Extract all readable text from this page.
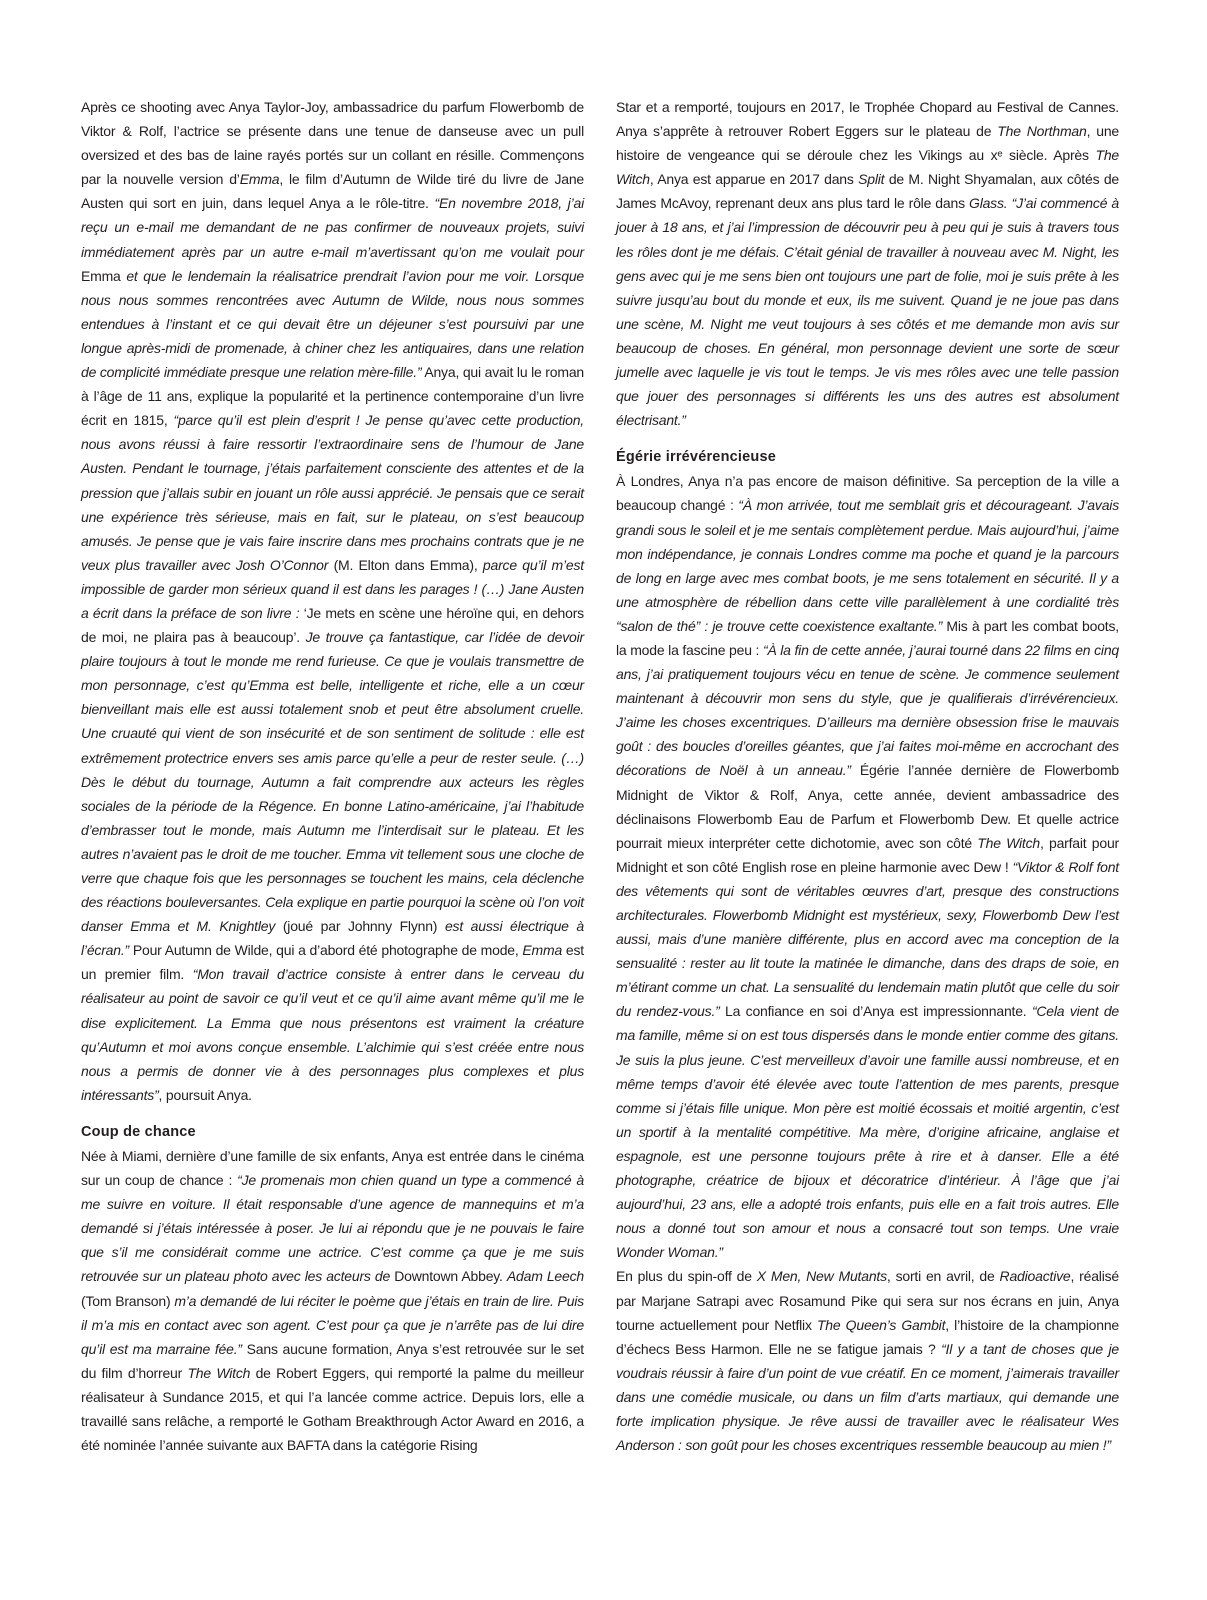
Après ce shooting avec Anya Taylor-Joy, ambassadrice du parfum Flowerbomb de Viktor & Rolf, l’actrice se présente dans une tenue de danseuse avec un pull oversized et des bas de laine rayés portés sur un collant en résille. Commençons par la nouvelle version d’Emma, le film d’Autumn de Wilde tiré du livre de Jane Austen qui sort en juin, dans lequel Anya a le rôle-titre. “En novembre 2018, j’ai reçu un e-mail me demandant de ne pas confirmer de nouveaux projets, suivi immédiatement après par un autre e-mail m’avertissant qu’on me voulait pour Emma et que le lendemain la réalisatrice prendrait l’avion pour me voir. Lorsque nous nous sommes rencontrées avec Autumn de Wilde, nous nous sommes entendues à l’instant et ce qui devait être un déjeuner s’est poursuivi par une longue après-midi de promenade, à chiner chez les antiquaires, dans une relation de complicité immédiate presque une relation mère-fille.” Anya, qui avait lu le roman à l’âge de 11 ans, explique la popularité et la pertinence contemporaine d’un livre écrit en 1815, “parce qu’il est plein d’esprit ! Je pense qu’avec cette production, nous avons réussi à faire ressortir l’extraordinaire sens de l’humour de Jane Austen. Pendant le tournage, j’étais parfaitement consciente des attentes et de la pression que j’allais subir en jouant un rôle aussi apprécié. Je pensais que ce serait une expérience très sérieuse, mais en fait, sur le plateau, on s’est beaucoup amusés. Je pense que je vais faire inscrire dans mes prochains contrats que je ne veux plus travailler avec Josh O’Connor (M. Elton dans Emma), parce qu’il m’est impossible de garder mon sérieux quand il est dans les parages ! (…) Jane Austen a écrit dans la préface de son livre : ‘Je mets en scène une héroïne qui, en dehors de moi, ne plaira pas à beaucoup’. Je trouve ça fantastique, car l’idée de devoir plaire toujours à tout le monde me rend furieuse. Ce que je voulais transmettre de mon personnage, c’est qu’Emma est belle, intelligente et riche, elle a un cœur bienveillant mais elle est aussi totalement snob et peut être absolument cruelle. Une cruauté qui vient de son insécurité et de son sentiment de solitude : elle est extrêmement protectrice envers ses amis parce qu’elle a peur de rester seule. (…) Dès le début du tournage, Autumn a fait comprendre aux acteurs les règles sociales de la période de la Régence. En bonne Latino-américaine, j’ai l’habitude d’embrasser tout le monde, mais Autumn me l’interdisait sur le plateau. Et les autres n’avaient pas le droit de me toucher. Emma vit tellement sous une cloche de verre que chaque fois que les personnages se touchent les mains, cela déclenche des réactions bouleversantes. Cela explique en partie pourquoi la scène où l’on voit danser Emma et M. Knightley (joué par Johnny Flynn) est aussi électrique à l’écran.” Pour Autumn de Wilde, qui a d’abord été photographe de mode, Emma est un premier film. “Mon travail d’actrice consiste à entrer dans le cerveau du réalisateur au point de savoir ce qu’il veut et ce qu’il aime avant même qu’il me le dise explicitement. La Emma que nous présentons est vraiment la créature qu’Autumn et moi avons conçue ensemble. L’alchimie qui s’est créée entre nous nous a permis de donner vie à des personnages plus complexes et plus intéressants”, poursuit Anya.

Coup de chance

Née à Miami, dernière d’une famille de six enfants, Anya est entrée dans le cinéma sur un coup de chance : “Je promenais mon chien quand un type a commencé à me suivre en voiture. Il était responsable d’une agence de mannequins et m’a demandé si j’étais intéressée à poser. Je lui ai répondu que je ne pouvais le faire que s’il me considérait comme une actrice. C’est comme ça que je me suis retrouvée sur un plateau photo avec les acteurs de Downtown Abbey. Adam Leech (Tom Branson) m’a demandé de lui réciter le poème que j’étais en train de lire. Puis il m’a mis en contact avec son agent. C’est pour ça que je n’arrête pas de lui dire qu’il est ma marraine fée.” Sans aucune formation, Anya s’est retrouvée sur le set du film d’horreur The Witch de Robert Eggers, qui remporté la palme du meilleur réalisateur à Sundance 2015, et qui l’a lancée comme actrice. Depuis lors, elle a travaillé sans relâche, a remporté le Gotham Breakthrough Actor Award en 2016, a été nominée l’année suivante aux BAFTA dans la catégorie Rising

Star et a remporté, toujours en 2017, le Trophée Chopard au Festival de Cannes. Anya s’apprête à retrouver Robert Eggers sur le plateau de The Northman, une histoire de vengeance qui se déroule chez les Vikings au xᵉ siècle. Après The Witch, Anya est apparue en 2017 dans Split de M. Night Shyamalan, aux côtés de James McAvoy, reprenant deux ans plus tard le rôle dans Glass. “J’ai commencé à jouer à 18 ans, et j’ai l’impression de découvrir peu à peu qui je suis à travers tous les rôles dont je me défais. C’était génial de travailler à nouveau avec M. Night, les gens avec qui je me sens bien ont toujours une part de folie, moi je suis prête à les suivre jusqu’au bout du monde et eux, ils me suivent. Quand je ne joue pas dans une scène, M. Night me veut toujours à ses côtés et me demande mon avis sur beaucoup de choses. En général, mon personnage devient une sorte de sœur jumelle avec laquelle je vis tout le temps. Je vis mes rôles avec une telle passion que jouer des personnages si différents les uns des autres est absolument électrisant.”

Égérie irrévérencieuse

À Londres, Anya n’a pas encore de maison définitive. Sa perception de la ville a beaucoup changé : “À mon arrivée, tout me semblait gris et décourageant. J’avais grandi sous le soleil et je me sentais complètement perdue. Mais aujourd’hui, j’aime mon indépendance, je connais Londres comme ma poche et quand je la parcours de long en large avec mes combat boots, je me sens totalement en sécurité. Il y a une atmosphère de rébellion dans cette ville parallèlement à une cordialité très “salon de thé” : je trouve cette coexistence exaltante.” Mis à part les combat boots, la mode la fascine peu : “À la fin de cette année, j’aurai tourné dans 22 films en cinq ans, j’ai pratiquement toujours vécu en tenue de scène. Je commence seulement maintenant à découvrir mon sens du style, que je qualifierais d’irrévérencieux. J’aime les choses excentriques. D’ailleurs ma dernière obsession frise le mauvais goût : des boucles d’oreilles géantes, que j’ai faites moi-même en accrochant des décorations de Noël à un anneau.” Égérie l’année dernière de Flowerbomb Midnight de Viktor & Rolf, Anya, cette année, devient ambassadrice des déclinaisons Flowerbomb Eau de Parfum et Flowerbomb Dew. Et quelle actrice pourrait mieux interpréter cette dichotomie, avec son côté The Witch, parfait pour Midnight et son côté English rose en pleine harmonie avec Dew ! “Viktor & Rolf font des vêtements qui sont de véritables œuvres d’art, presque des constructions architecturales. Flowerbomb Midnight est mystérieux, sexy, Flowerbomb Dew l’est aussi, mais d’une manière différente, plus en accord avec ma conception de la sensualité : rester au lit toute la matinée le dimanche, dans des draps de soie, en m’étirant comme un chat. La sensualité du lendemain matin plutôt que celle du soir du rendez-vous.” La confiance en soi d’Anya est impressionnante. “Cela vient de ma famille, même si on est tous dispersés dans le monde entier comme des gitans. Je suis la plus jeune. C’est merveilleux d’avoir une famille aussi nombreuse, et en même temps d’avoir été élevée avec toute l’attention de mes parents, presque comme si j’étais fille unique. Mon père est moitié écossais et moitié argentin, c’est un sportif à la mentalité compétitive. Ma mère, d’origine africaine, anglaise et espagnole, est une personne toujours prête à rire et à danser. Elle a été photographe, créatrice de bijoux et décoratrice d’intérieur. À l’âge que j’ai aujourd’hui, 23 ans, elle a adopté trois enfants, puis elle en a fait trois autres. Elle nous a donné tout son amour et nous a consacré tout son temps. Une vraie Wonder Woman.”

En plus du spin-off de X Men, New Mutants, sorti en avril, de Radioactive, réalisé par Marjane Satrapi avec Rosamund Pike qui sera sur nos écrans en juin, Anya tourne actuellement pour Netflix The Queen’s Gambit, l’histoire de la championne d’échecs Bess Harmon. Elle ne se fatigue jamais ? “Il y a tant de choses que je voudrais réussir à faire d’un point de vue créatif. En ce moment, j’aimerais travailler dans une comédie musicale, ou dans un film d’arts martiaux, qui demande une forte implication physique. Je rêve aussi de travailler avec le réalisateur Wes Anderson : son goût pour les choses excentriques ressemble beaucoup au mien !”
